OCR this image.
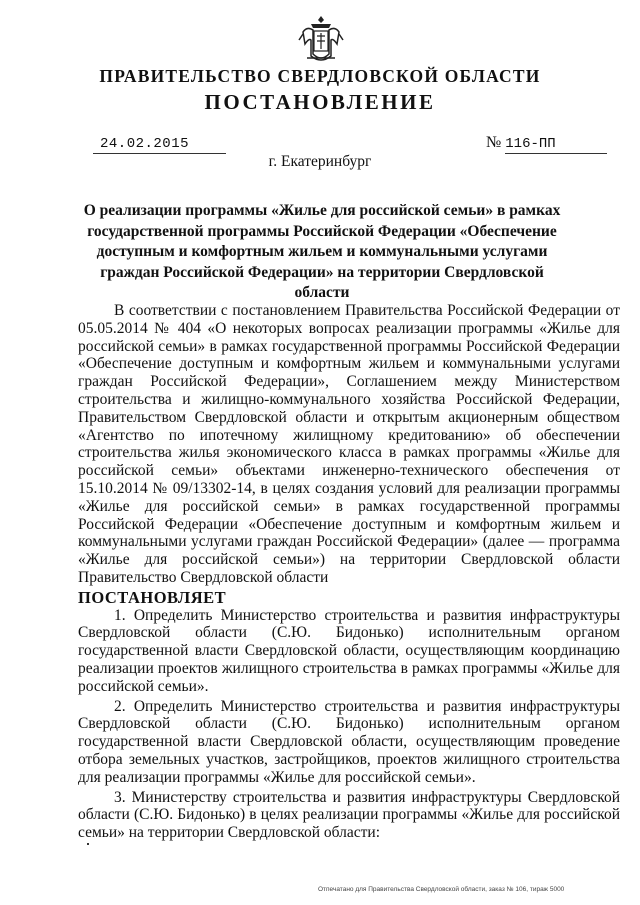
ПРАВИТЕЛЬСТВО СВЕРДЛОВСКОЙ ОБЛАСТИ
ПОСТАНОВЛЕНИЕ
24.02.2015	№ 116-ПП
г. Екатеринбург
О реализации программы «Жилье для российской семьи» в рамках государственной программы Российской Федерации «Обеспечение доступным и комфортным жильем и коммунальными услугами граждан Российской Федерации» на территории Свердловской области

В соответствии с постановлением Правительства Российской Федерации от 05.05.2014 № 404 «О некоторых вопросах реализации программы «Жилье для российской семьи» в рамках государственной программы Российской Федерации «Обеспечение доступным и комфортным жильем и коммунальными услугами граждан Российской Федерации», Соглашением между Министерством строительства и жилищно-коммунального хозяйства Российской Федерации, Правительством Свердловской области и открытым акционерным обществом «Агентство по ипотечному жилищному кредитованию» об обеспечении строительства жилья экономического класса в рамках программы «Жилье для российской семьи» объектами инженерно-технического обеспечения от 15.10.2014 № 09/13302-14, в целях создания условий для реализации программы «Жилье для российской семьи» в рамках государственной программы Российской Федерации «Обеспечение доступным и комфортным жильем и коммунальными услугами граждан Российской Федерации» (далее — программа «Жилье для российской семьи») на территории Свердловской области Правительство Свердловской области

ПОСТАНОВЛЯЕТ

1. Определить Министерство строительства и развития инфраструктуры Свердловской области (С.Ю. Бидонько) исполнительным органом государственной власти Свердловской области, осуществляющим координацию реализации проектов жилищного строительства в рамках программы «Жилье для российской семьи».

2. Определить Министерство строительства и развития инфраструктуры Свердловской области (С.Ю. Бидонько) исполнительным органом государственной власти Свердловской области, осуществляющим проведение отбора земельных участков, застройщиков, проектов жилищного строительства для реализации программы «Жилье для российской семьи».

3. Министерству строительства и развития инфраструктуры Свердловской области (С.Ю. Бидонько) в целях реализации программы «Жилье для российской семьи» на территории Свердловской области:

Отпечатано для Правительства Свердловской области, заказ № 106, тираж 5000
